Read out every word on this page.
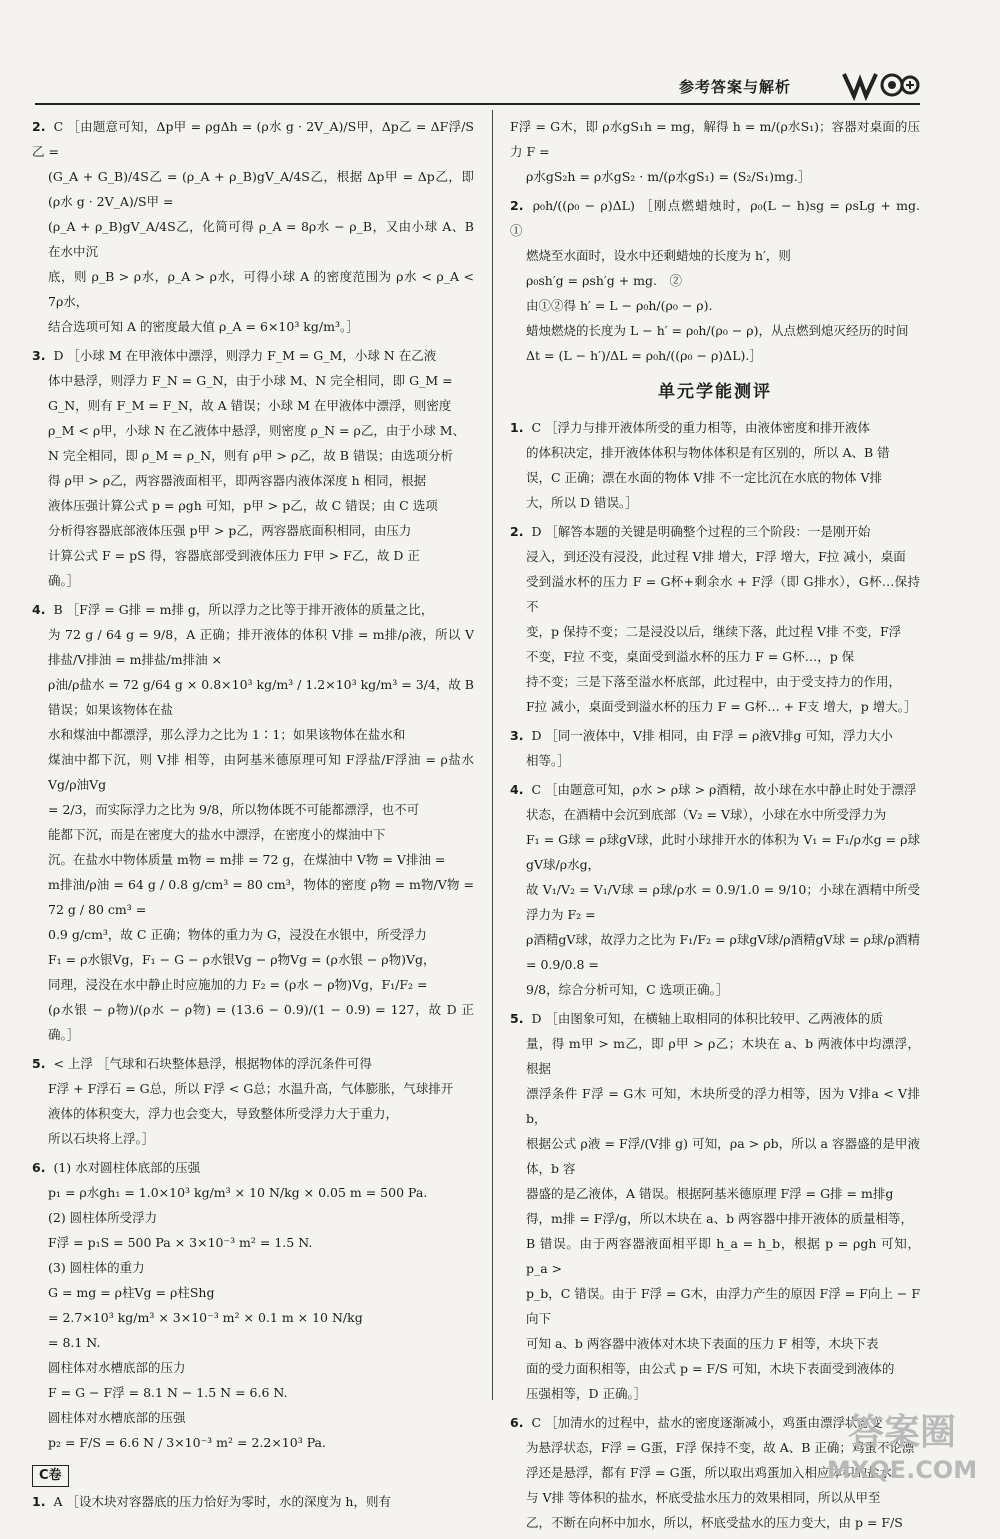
参考答案与解析
2. C ［由题意可知，Δp甲 = ρgΔh = (ρ水 g · 2V_A)/S甲，Δp乙 = ΔF浮/S乙 =
(G_A + G_B)/4S乙 = (ρ_A + ρ_B)gV_A/4S乙，根据 Δp甲 = Δp乙，即 (ρ水 g · 2V_A)/S甲 =
(ρ_A + ρ_B)gV_A/4S乙，化简可得 ρ_A = 8ρ水 − ρ_B，又由小球 A、B 在水中沉
底，则 ρ_B > ρ水，ρ_A > ρ水，可得小球 A 的密度范围为 ρ水 < ρ_A < 7ρ水，
结合选项可知 A 的密度最大值 ρ_A = 6×10³ kg/m³。］
3. D ［小球 M 在甲液体中漂浮，则浮力 F_M = G_M，小球 N 在乙液
体中悬浮，则浮力 F_N = G_N，由于小球 M、N 完全相同，即 G_M =
G_N，则有 F_M = F_N，故 A 错误；小球 M 在甲液体中漂浮，则密度
ρ_M < ρ甲，小球 N 在乙液体中悬浮，则密度 ρ_N = ρ乙，由于小球 M、
N 完全相同，即 ρ_M = ρ_N，则有 ρ甲 > ρ乙，故 B 错误；由选项分析
得 ρ甲 > ρ乙，两容器液面相平，即两容器内液体深度 h 相同，根据
液体压强计算公式 p = ρgh 可知，p甲 > p乙，故 C 错误；由 C 选项
分析得容器底部液体压强 p甲 > p乙，两容器底面积相同，由压力
计算公式 F = pS 得，容器底部受到液体压力 F甲 > F乙，故 D 正
确。］
4. B ［F浮 = G排 = m排 g，所以浮力之比等于排开液体的质量之比，
为 72 g / 64 g = 9/8，A 正确；排开液体的体积 V排 = m排/ρ液，所以 V排盐/V排油 = m排盐/m排油 ×
ρ油/ρ盐水 = 72 g/64 g × 0.8×10³ kg/m³ / 1.2×10³ kg/m³ = 3/4，故 B 错误；如果该物体在盐
水和煤油中都漂浮，那么浮力之比为 1∶1；如果该物体在盐水和
煤油中都下沉，则 V排 相等，由阿基米德原理可知 F浮盐/F浮油 = ρ盐水Vg/ρ油Vg
= 2/3，而实际浮力之比为 9/8，所以物体既不可能都漂浮，也不可
能都下沉，而是在密度大的盐水中漂浮，在密度小的煤油中下
沉。在盐水中物体质量 m物 = m排 = 72 g，在煤油中 V物 = V排油 =
m排油/ρ油 = 64 g / 0.8 g/cm³ = 80 cm³，物体的密度 ρ物 = m物/V物 = 72 g / 80 cm³ =
0.9 g/cm³，故 C 正确；物体的重力为 G，浸没在水银中，所受浮力
F₁ = ρ水银Vg，F₁ − G − ρ水银Vg − ρ物Vg = (ρ水银 − ρ物)Vg，
同理，浸没在水中静止时应施加的力 F₂ = (ρ水 − ρ物)Vg，F₁/F₂ =
(ρ水银 − ρ物)/(ρ水 − ρ物) = (13.6 − 0.9)/(1 − 0.9) = 127，故 D 正确。］
5. < 上浮 ［气球和石块整体悬浮，根据物体的浮沉条件可得
F浮 + F浮石 = G总，所以 F浮 < G总；水温升高，气体膨胀，气球排开
液体的体积变大，浮力也会变大，导致整体所受浮力大于重力，
所以石块将上浮。］
6. (1) 水对圆柱体底部的压强
p₁ = ρ水gh₁ = 1.0×10³ kg/m³ × 10 N/kg × 0.05 m = 500 Pa.
(2) 圆柱体所受浮力
F浮 = p₁S = 500 Pa × 3×10⁻³ m² = 1.5 N.
(3) 圆柱体的重力
G = mg = ρ柱Vg = ρ柱Shg
= 2.7×10³ kg/m³ × 3×10⁻³ m² × 0.1 m × 10 N/kg
= 8.1 N.
圆柱体对水槽底部的压力
F = G − F浮 = 8.1 N − 1.5 N = 6.6 N.
圆柱体对水槽底部的压强
p₂ = F/S = 6.6 N / 3×10⁻³ m² = 2.2×10³ Pa.
C卷
1. A ［设木块对容器底的压力恰好为零时，水的深度为 h，则有
F浮 = G木，即 ρ水gS₁h = mg，解得 h = m/(ρ水S₁)；容器对桌面的压力 F =
ρ水gS₂h = ρ水gS₂ · m/(ρ水gS₁) = (S₂/S₁)mg.］
2. ρ₀h/((ρ₀ − ρ)ΔL) ［刚点燃蜡烛时，ρ₀(L − h)sg = ρsLg + mg.　①
燃烧至水面时，设水中还剩蜡烛的长度为 h′，则
ρ₀sh′g = ρsh′g + mg.　②
由①②得 h′ = L − ρ₀h/(ρ₀ − ρ).
蜡烛燃烧的长度为 L − h′ = ρ₀h/(ρ₀ − ρ)，从点燃到熄灭经历的时间
Δt = (L − h′)/ΔL = ρ₀h/((ρ₀ − ρ)ΔL).］
单元学能测评
1. C ［浮力与排开液体所受的重力相等，由液体密度和排开液体
的体积决定，排开液体体积与物体体积是有区别的，所以 A、B 错
误，C 正确；漂在水面的物体 V排 不一定比沉在水底的物体 V排
大，所以 D 错误。］
2. D ［解答本题的关键是明确整个过程的三个阶段：一是刚开始
浸入，到还没有浸没，此过程 V排 增大，F浮 增大，F拉 减小，桌面
受到溢水杯的压力 F = G杯+剩余水 + F浮（即 G排水），G杯…保持不
变，p 保持不变；二是浸没以后，继续下落，此过程 V排 不变，F浮
不变，F拉 不变，桌面受到溢水杯的压力 F = G杯…，p 保
持不变；三是下落至溢水杯底部，此过程中，由于受支持力的作用，
F拉 减小，桌面受到溢水杯的压力 F = G杯… + F支 增大，p 增大。］
3. D ［同一液体中，V排 相同，由 F浮 = ρ液V排g 可知，浮力大小
相等。］
4. C ［由题意可知，ρ水 > ρ球 > ρ酒精，故小球在水中静止时处于漂浮
状态，在酒精中会沉到底部（V₂ = V球），小球在水中所受浮力为
F₁ = G球 = ρ球gV球，此时小球排开水的体积为 V₁ = F₁/ρ水g = ρ球gV球/ρ水g，
故 V₁/V₂ = V₁/V球 = ρ球/ρ水 = 0.9/1.0 = 9/10；小球在酒精中所受浮力为 F₂ =
ρ酒精gV球，故浮力之比为 F₁/F₂ = ρ球gV球/ρ酒精gV球 = ρ球/ρ酒精 = 0.9/0.8 =
9/8，综合分析可知，C 选项正确。］
5. D ［由图象可知，在横轴上取相同的体积比较甲、乙两液体的质
量，得 m甲 > m乙，即 ρ甲 > ρ乙；木块在 a、b 两液体中均漂浮，根据
漂浮条件 F浮 = G木 可知，木块所受的浮力相等，因为 V排a < V排b，
根据公式 ρ液 = F浮/(V排 g) 可知，ρa > ρb，所以 a 容器盛的是甲液体，b 容
器盛的是乙液体，A 错误。根据阿基米德原理 F浮 = G排 = m排g
得，m排 = F浮/g，所以木块在 a、b 两容器中排开液体的质量相等，
B 错误。由于两容器液面相平即 h_a = h_b，根据 p = ρgh 可知，p_a >
p_b，C 错误。由于 F浮 = G木，由浮力产生的原因 F浮 = F向上 − F向下
可知 a、b 两容器中液体对木块下表面的压力 F 相等，木块下表
面的受力面积相等，由公式 p = F/S 可知，木块下表面受到液体的
压强相等，D 正确。］
6. C ［加清水的过程中，盐水的密度逐渐减小，鸡蛋由漂浮状态变
为悬浮状态，F浮 = G蛋，F浮 保持不变，故 A、B 正确；鸡蛋不论漂
浮还是悬浮，都有 F浮 = G蛋，所以取出鸡蛋加入相应体积的盐水
与 V排 等体积的盐水，杯底受盐水压力的效果相同，所以从甲至
乙，不断在向杯中加水，所以，杯底受盐水的压力变大，由 p = F/S
答案圈
MXQE.COM
